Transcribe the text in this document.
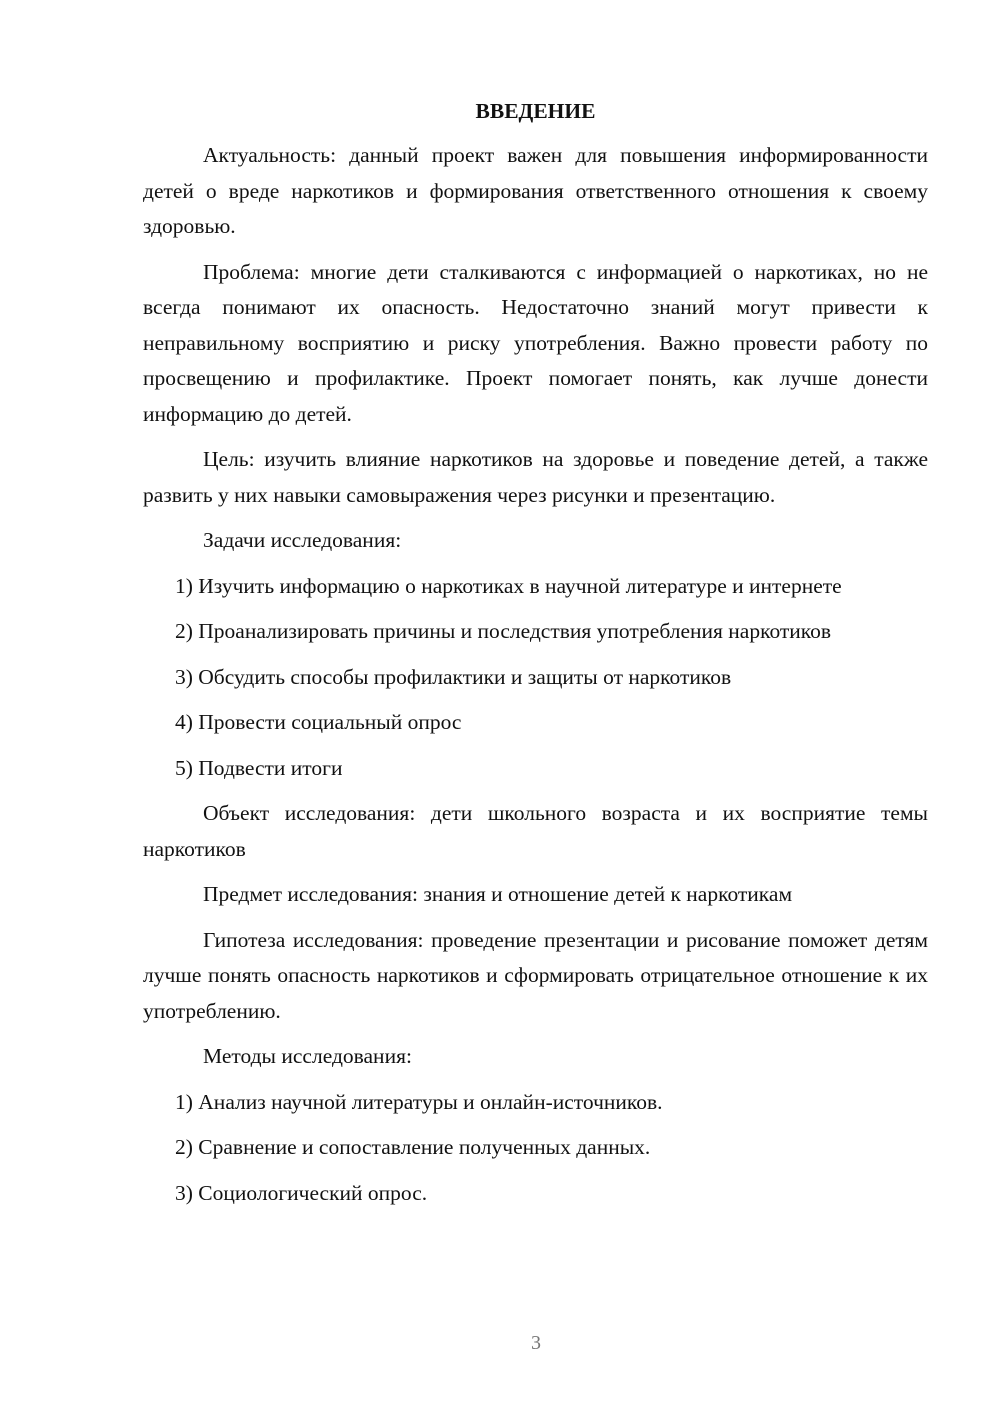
ВВЕДЕНИЕ

Актуальность: данный проект важен для повышения информированности детей о вреде наркотиков и формирования ответственного отношения к своему здоровью.

Проблема: многие дети сталкиваются с информацией о наркотиках, но не всегда понимают их опасность. Недостаточно знаний могут привести к неправильному восприятию и риску употребления. Важно провести работу по просвещению и профилактике. Проект помогает понять, как лучше донести информацию до детей.

Цель: изучить влияние наркотиков на здоровье и поведение детей, а также развить у них навыки самовыражения через рисунки и презентацию.

Задачи исследования:

1) Изучить информацию о наркотиках в научной литературе и интернете

2) Проанализировать причины и последствия употребления наркотиков

3) Обсудить способы профилактики и защиты от наркотиков

4) Провести социальный опрос

5) Подвести итоги

Объект исследования: дети школьного возраста и их восприятие темы наркотиков

Предмет исследования: знания и отношение детей к наркотикам

Гипотеза исследования: проведение презентации и рисование поможет детям лучше понять опасность наркотиков и сформировать отрицательное отношение к их употреблению.

Методы исследования:

1) Анализ научной литературы и онлайн-источников.

2) Сравнение и сопоставление полученных данных.

3) Социологический опрос.

3
